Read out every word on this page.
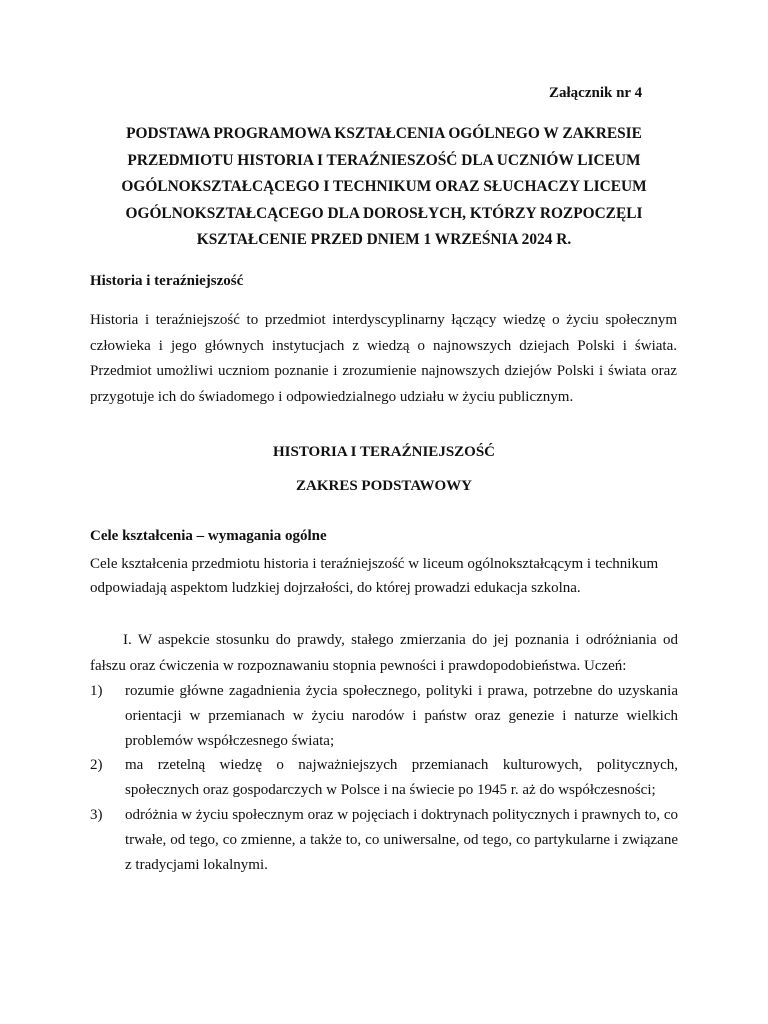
Załącznik nr 4
PODSTAWA PROGRAMOWA KSZTAŁCENIA OGÓLNEGO W ZAKRESIE PRZEDMIOTU HISTORIA I TERAŹNIESZOŚĆ DLA UCZNIÓW LICEUM OGÓLNOKSZTAŁCĄCEGO I TECHNIKUM ORAZ SŁUCHACZY LICEUM OGÓLNOKSZTAŁCĄCEGO DLA DOROSŁYCH, KTÓRZY ROZPOCZĘLI KSZTAŁCENIE PRZED DNIEM 1 WRZEŚNIA 2024 R.
Historia i teraźniejszość

Historia i teraźniejszość to przedmiot interdyscyplinarny łączący wiedzę o życiu społecznym człowieka i jego głównych instytucjach z wiedzą o najnowszych dziejach Polski i świata. Przedmiot umożliwi uczniom poznanie i zrozumienie najnowszych dziejów Polski i świata oraz przygotuje ich do świadomego i odpowiedzialnego udziału w życiu publicznym.

HISTORIA I TERAŹNIEJSZOŚĆ
ZAKRES PODSTAWOWY
Cele kształcenia – wymagania ogólne

Cele kształcenia przedmiotu historia i teraźniejszość w liceum ogólnokształcącym i technikum odpowiadają aspektom ludzkiej dojrzałości, do której prowadzi edukacja szkolna.

I. W aspekcie stosunku do prawdy, stałego zmierzania do jej poznania i odróżniania od fałszu oraz ćwiczenia w rozpoznawaniu stopnia pewności i prawdopodobieństwa. Uczeń:

1) rozumie główne zagadnienia życia społecznego, polityki i prawa, potrzebne do uzyskania orientacji w przemianach w życiu narodów i państw oraz genezie i naturze wielkich problemów współczesnego świata;
2) ma rzetelną wiedzę o najważniejszych przemianach kulturowych, politycznych, społecznych oraz gospodarczych w Polsce i na świecie po 1945 r. aż do współczesności;
3) odróżnia w życiu społecznym oraz w pojęciach i doktrynach politycznych i prawnych to, co trwałe, od tego, co zmienne, a także to, co uniwersalne, od tego, co partykularne i związane z tradycjami lokalnymi.
